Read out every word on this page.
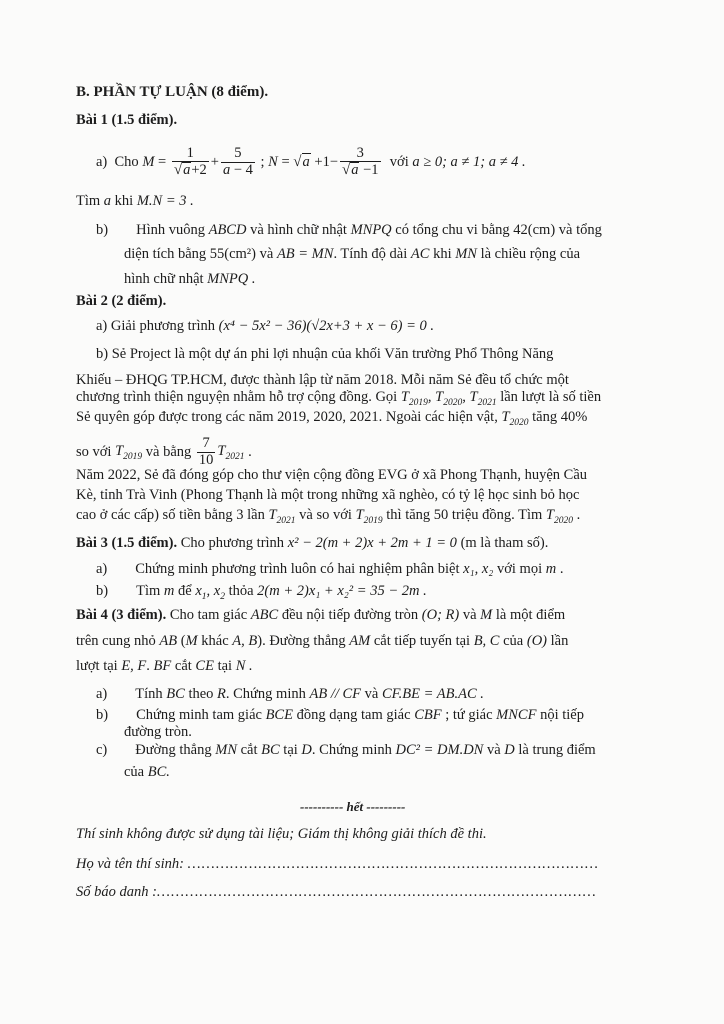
B. PHẦN TỰ LUẬN (8 điểm).
Bài 1 (1.5 điểm).
a)
Cho
$M = \frac{1}{√a+2} + \frac{5}{a - 4}$ ; N = √ $a +1- \frac{3}{√a -1}$
với
a ≥ 0; a ≠ 1; a ≠ 4 .
Tìm a khi M.N = 3 .
b) Hình vuông ABCD và hình chữ nhật MNPQ có tổng chu vi bằng 42(cm) và tổng
diện tích bằng 55(cm²) và AB = MN. Tính độ dài AC khi MN là chiều rộng của
hình chữ nhật MNPQ .
Bài 2 (2 điểm).
a) Giải phương trình (x⁴ − 5x² − 36)(√2x+3 + x − 6) = 0 .
b) Sẻ Project là một dự án phi lợi nhuận của khối Văn trường Phổ Thông Năng
Khiếu – ĐHQG TP.HCM, được thành lập từ năm 2018. Mỗi năm Sẻ đều tổ chức một
chương trình thiện nguyện nhằm hỗ trợ cộng đồng. Gọi $T_{2019}$, $T_{2020}$, $T_{2021}$ lần lượt là số tiền
Sẻ quyên góp được trong các năm 2019, 2020, 2021. Ngoài các hiện vật, $T_{2020}$ tăng 40%
so với
$T_{2019}$
và bằng
$\frac{7}{10} T_{2021}$ .
Năm 2022, Sẻ đã đóng góp cho thư viện cộng đồng EVG ở xã Phong Thạnh, huyện Cầu
Kè, tỉnh Trà Vinh (Phong Thạnh là một trong những xã nghèo, có tỷ lệ học sinh bỏ học
cao ở các cấp) số tiền bằng 3 lần $T_{2021}$ và so với $T_{2019}$ thì tăng 50 triệu đồng. Tìm $T_{2020}$ .
Bài 3 (1.5 điểm). Cho phương trình x² − 2(m + 2)x + 2m + 1 = 0 (m là tham số).
a) Chứng minh phương trình luôn có hai nghiệm phân biệt x₁, x₂ với mọi m .
b) Tìm m để $x_1$, $x_2$ thỏa 2(m + 2)x₁ + x₂² = 35 − 2m .
Bài 4 (3 điểm). Cho tam giác ABC đều nội tiếp đường tròn (O; R) và M là một điểm
trên cung nhỏ AB (M khác A, B). Đường thẳng AM cắt tiếp tuyến tại B, C của (O) lần
lượt tại E, F. BF cắt CE tại N .
a) Tính BC theo R. Chứng minh AB // CF và CF.BE = AB.AC .
b) Chứng minh tam giác BCE đồng dạng tam giác CBF ; tứ giác MNCF nội tiếp
đường tròn.
c) Đường thẳng MN cắt BC tại D. Chứng minh DC² = DM.DN và D là trung điểm
của BC.
---------- hết ---------
Thí sinh không được sử dụng tài liệu; Giám thị không giải thích đề thi.
Họ và tên thí sinh: ……………………………………………………………………………
Số báo danh :…………………………………………………………………………………
